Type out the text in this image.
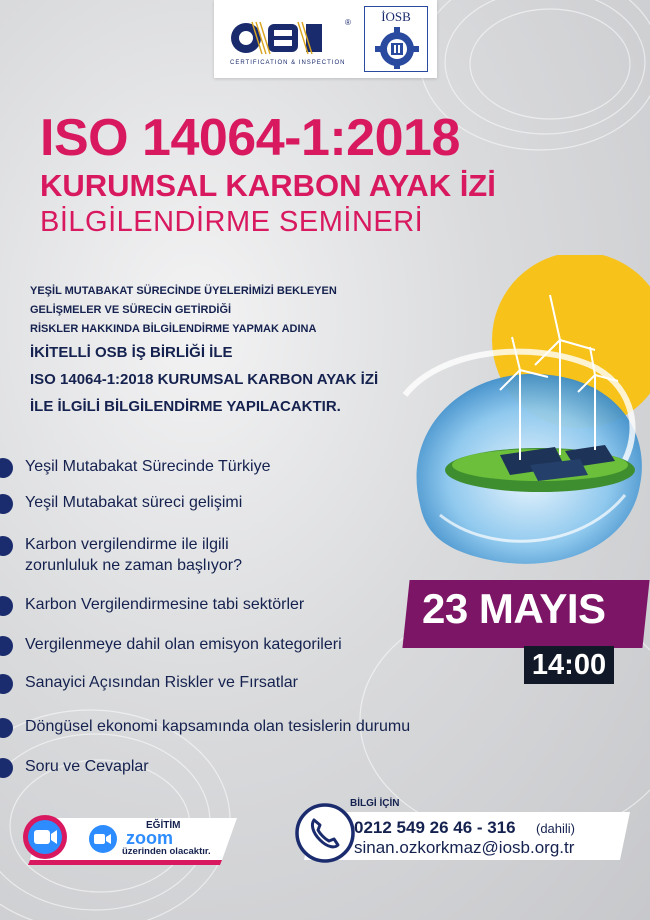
®
CERTIFICATION & INSPECTION
İOSB
ISO 14064-1:2018
KURUMSAL KARBON AYAK İZİ
BİLGİLENDİRME SEMİNERİ
YEŞİL MUTABAKAT SÜRECİNDE ÜYELERİMİZİ BEKLEYEN
GELİŞMELER VE SÜRECİN GETİRDİĞİ
RİSKLER HAKKINDA BİLGİLENDİRME YAPMAK ADINA
İKİTELLİ OSB İŞ BİRLİĞİ İLE
ISO 14064-1:2018 KURUMSAL KARBON AYAK İZİ
İLE İLGİLİ BİLGİLENDİRME YAPILACAKTIR.
Yeşil Mutabakat Sürecinde Türkiye
Yeşil Mutabakat süreci gelişimi
Karbon vergilendirme ile ilgili
zorunluluk ne zaman başlıyor?
Karbon Vergilendirmesine tabi sektörler
Vergilenmeye dahil olan emisyon kategorileri
Sanayici Açısından Riskler ve Fırsatlar
Döngüsel ekonomi kapsamında olan tesislerin durumu
Soru ve Cevaplar
23 MAYIS
14:00
EĞİTİM
zoom
üzerinden olacaktır.
BİLGİ İÇİN
0212 549 26 46 - 316 (dahili)
sinan.ozkorkmaz@iosb.org.tr
